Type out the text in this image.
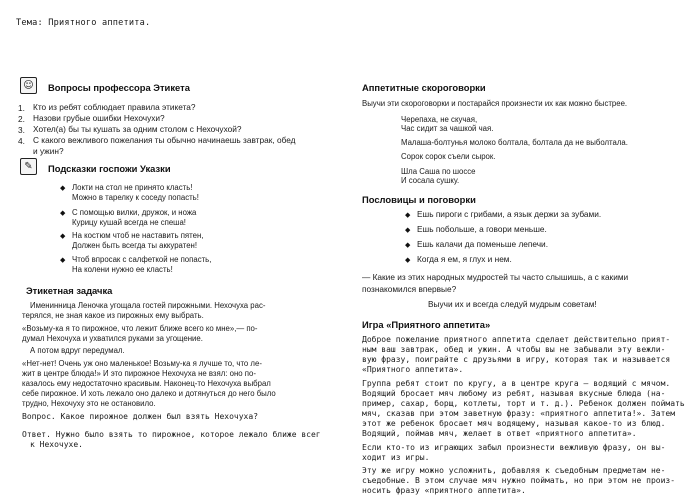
Тема: Приятного аппетита.
☺	Вопросы профессора Этикета
1. Кто из ребят соблюдает правила этикета?
2. Назови грубые ошибки Нехочухи?
3. Хотел(а) бы ты кушать за одним столом с Нехочухой?
4. С какого вежливого пожелания ты обычно начинаешь завтрак, обед
и ужин?
✎	Подсказки госпожи Указки
◆ Локти на стол не принято класть!
Можно в тарелку к соседу попасть!
◆ С помощью вилки, дружок, и ножа
Курицу кушай всегда не спеша!
◆ На костюм чтоб не наставить пятен,
Должен быть всегда ты аккуратен!
◆ Чтоб впросак с салфеткой не попасть,
На колени нужно ее класть!
Этикетная задачка
Именинница Леночка угощала гостей пирожными. Нехочуха рас-
терялся, не зная какое из пирожных ему выбрать.
«Возьму-ка я то пирожное, что лежит ближе всего ко мне»,— по-
думал Нехочуха и ухватился руками за угощение.
А потом вдруг передумал.
«Нет-нет! Очень уж оно маленькое! Возьму-ка я лучше то, что ле-
жит в центре блюда!» И это пирожное Нехочуха не взял: оно по-
казалось ему недостаточно красивым. Наконец-то Нехочуха выбрал
себе пирожное. И хоть лежало оно далеко и дотянуться до него было
трудно, Нехочуху это не остановило.
Вопрос. Какое пирожное должен был взять Нехочуха?
Ответ. Нужно было взять то пирожное, которое лежало ближе всег
к Нехочухе.
Аппетитные скороговорки
Выучи эти скороговорки и постарайся произнести их как можно быстрее.
Черепаха, не скучая,
Час сидит за чашкой чая.
Малаша-болтунья молоко болтала, болтала да не выболтала.
Сорок сорок съели сырок.
Шла Саша по шоссе
И сосала сушку.
Пословицы и поговорки
◆ Ешь пироги с грибами, а язык держи за зубами.
◆ Ешь побольше, а говори меньше.
◆ Ешь калачи да поменьше лепечи.
◆ Когда я ем, я глух и нем.
— Какие из этих народных мудростей ты часто слышишь, а с какими
познакомился впервые?
Выучи их и всегда следуй мудрым советам!
Игра «Приятного аппетита»
Доброе пожелание приятного аппетита сделает действительно прият-
ным ваш завтрак, обед и ужин. А чтобы вы не забывали эту вежли-
вую фразу, поиграйте с друзьями в игру, которая так и называется
«Приятного аппетита».
Группа ребят стоит по кругу, а в центре круга — водящий с мячом.
Водящий бросает мяч любому из ребят, называя вкусные блюда (на-
пример, сахар, борщ, котлеты, торт и т. д.). Ребенок должен поймать
мяч, сказав при этом заветную фразу: «приятного аппетита!». Затем
этот же ребенок бросает мяч водящему, называя какое-то из блюд.
Водящий, поймав мяч, желает в ответ «приятного аппетита».
Если кто-то из играющих забыл произнести вежливую фразу, он вы-
ходит из игры.
Эту же игру можно усложнить, добавляя к съедобным предметам не-
съедобные. В этом случае мяч нужно поймать, но при этом не произ-
носить фразу «приятного аппетита».
